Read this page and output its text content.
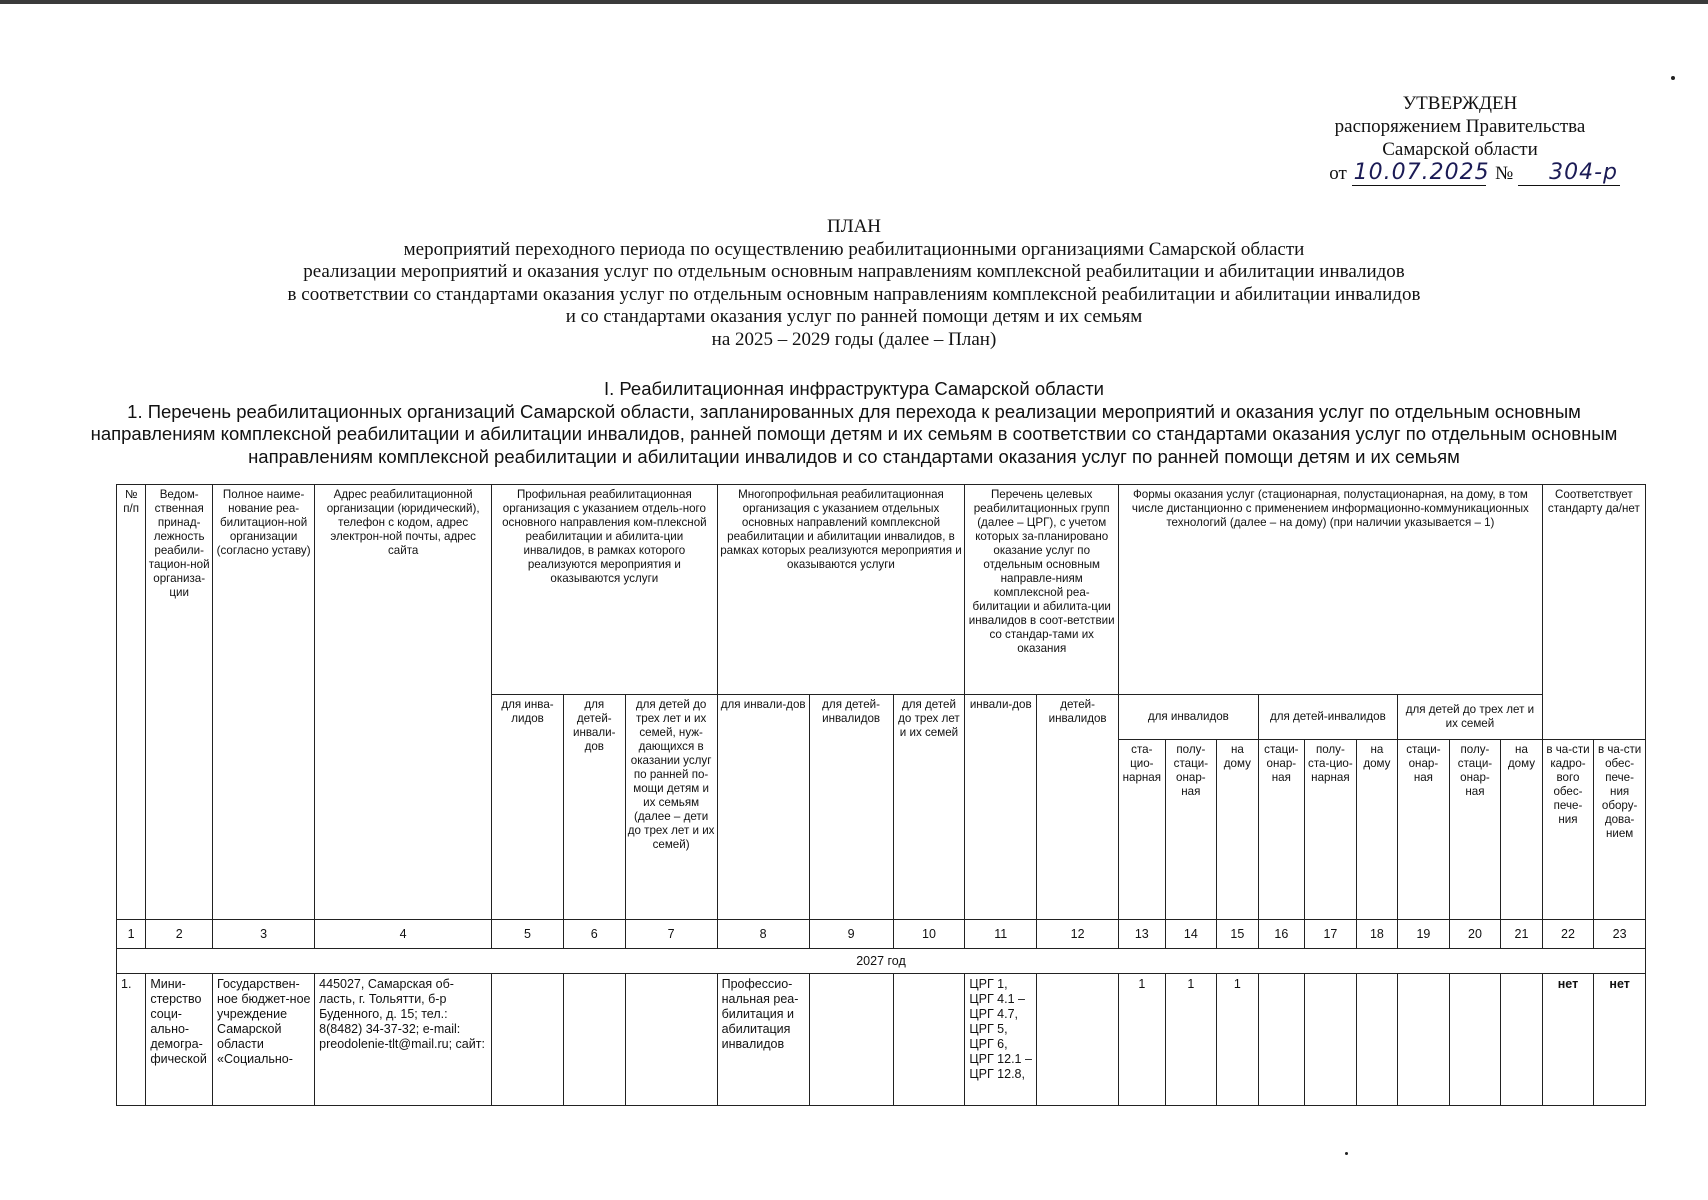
УТВЕРЖДЕН
распоряжением Правительства
Самарской области
от 10.07.2025 № 304-р
ПЛАН
мероприятий переходного периода по осуществлению реабилитационными организациями Самарской области
реализации мероприятий и оказания услуг по отдельным основным направлениям комплексной реабилитации и абилитации инвалидов
в соответствии со стандартами оказания услуг по отдельным основным направлениям комплексной реабилитации и абилитации инвалидов
и со стандартами оказания услуг по ранней помощи детям и их семьям
на 2025 – 2029 годы (далее – План)
I. Реабилитационная инфраструктура Самарской области
1. Перечень реабилитационных организаций Самарской области, запланированных для перехода к реализации мероприятий и оказания услуг по отдельным основным
направлениям комплексной реабилитации и абилитации инвалидов, ранней помощи детям и их семьям в соответствии со стандартами оказания услуг по отдельным основным
направлениям комплексной реабилитации и абилитации инвалидов и со стандартами оказания услуг по ранней помощи детям и их семьям
№ п/п	Ведом-ственная принад-лежность реабили-тацион-ной организа-ции	Полное наиме-нование реа-билитацион-ной организации (согласно уставу)	Адрес реабилитационной организации (юридический), телефон с кодом, адрес электрон-ной почты, адрес сайта	Профильная реабилитационная организация с указанием отдель-ного основного направления ком-плексной реабилитации и абилита-ции инвалидов, в рамках которого реализуются мероприятия и оказываются услуги			Многопрофильная реабилитационная организация с указанием отдельных основных направлений комплексной реабилитации и абилитации инвалидов, в рамках которых реализуются мероприятия и оказываются услуги			Перечень целевых реабилитационных групп (далее – ЦРГ), с учетом которых за-планировано оказание услуг по отдельным основным направле-ниям комплексной реа-билитации и абилита-ции инвалидов в соот-ветствии со стандар-тами их оказания		Формы оказания услуг (стационарная, полустационарная, на дому, в том числе дистанционно с применением информационно-коммуникационных технологий (далее – на дому) (при наличии указывается – 1)									Соответствует стандарту да/нет	
				для инва-лидов	для детей-инвали-дов	для детей до трех лет и их семей, нуж-дающихся в оказании услуг по ранней по-мощи детям и их семьям (далее – дети до трех лет и их семей)	для инвали-дов	для детей-инвалидов	для детей до трех лет и их семей	инвали-дов	детей-инвалидов	для инвалидов			для детей-инвалидов			для детей до трех лет и их семей				
												ста-цио-нарная	полу-стаци-онар-ная	на дому	стаци-онар-ная	полу-ста-цио-нарная	на дому	стаци-онар-ная	полу-стаци-онар-ная	на дому	в ча-сти кадро-вого обес-пече-ния	в ча-сти обес-пече-ния обору-дова-нием
1	2	3	4	5	6	7	8	9	10	11	12	13	14	15	16	17	18	19	20	21	22	23
2027 год																						
1.	Мини-стерство соци-ально-демогра-фической	Государствен-ное бюджет-ное учреждение Самарской области «Социально-	445027, Самарская об-ласть, г. Тольятти, б-р Буденного, д. 15; тел.: 8(8482) 34-37-32; e-mail: preodolenie-tlt@mail.ru; сайт:				Профессио-нальная реа-билитация и абилитация инвалидов			ЦРГ 1, ЦРГ 4.1 – ЦРГ 4.7, ЦРГ 5, ЦРГ 6, ЦРГ 12.1 – ЦРГ 12.8,		1	1	1							нет	нет
